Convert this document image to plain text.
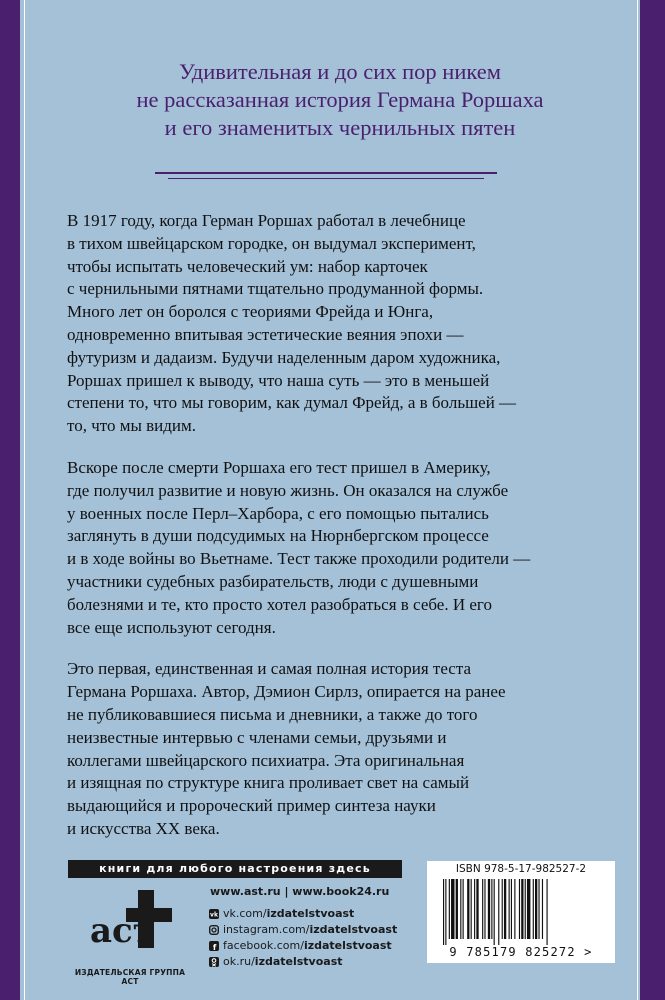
Удивительная и до сих пор никем
не рассказанная история Германа Роршаха
и его знаменитых чернильных пятен

В 1917 году, когда Герман Роршах работал в лечебнице
в тихом швейцарском городке, он выдумал эксперимент,
чтобы испытать человеческий ум: набор карточек
с чернильными пятнами тщательно продуманной формы.
Много лет он боролся с теориями Фрейда и Юнга,
одновременно впитывая эстетические веяния эпохи —
футуризм и дадаизм. Будучи наделенным даром художника,
Роршах пришел к выводу, что наша суть — это в меньшей
степени то, что мы говорим, как думал Фрейд, а в большей —
то, что мы видим.

Вскоре после смерти Роршаха его тест пришел в Америку,
где получил развитие и новую жизнь. Он оказался на службе
у военных после Перл–Харбора, с его помощью пытались
заглянуть в души подсудимых на Нюрнбергском процессе
и в ходе войны во Вьетнаме. Тест также проходили родители —
участники судебных разбирательств, люди с душевными
болезнями и те, кто просто хотел разобраться в себе. И его
все еще используют сегодня.

Это первая, единственная и самая полная история теста
Германа Роршаха. Автор, Дэмион Сирлз, опирается на ранее
не публиковавшиеся письма и дневники, а также до того
неизвестные интервью с членами семьи, друзьями и
коллегами швейцарского психиатра. Эта оригинальная
и изящная по структуре книга проливает свет на самый
выдающийся и пророческий пример синтеза науки
и искусства XX века.

книги для любого настроения здесь
аст
ИЗДАТЕЛЬСКАЯ ГРУППА АСТ
www.ast.ru | www.book24.ru
vk vk.com/ izdatelstvoast
instagram.com/ izdatelstvoast
f facebook.com/ izdatelstvoast
ok.ru/ izdatelstvoast
ISBN 978-5-17-982527-2
9 785179 825272 >
